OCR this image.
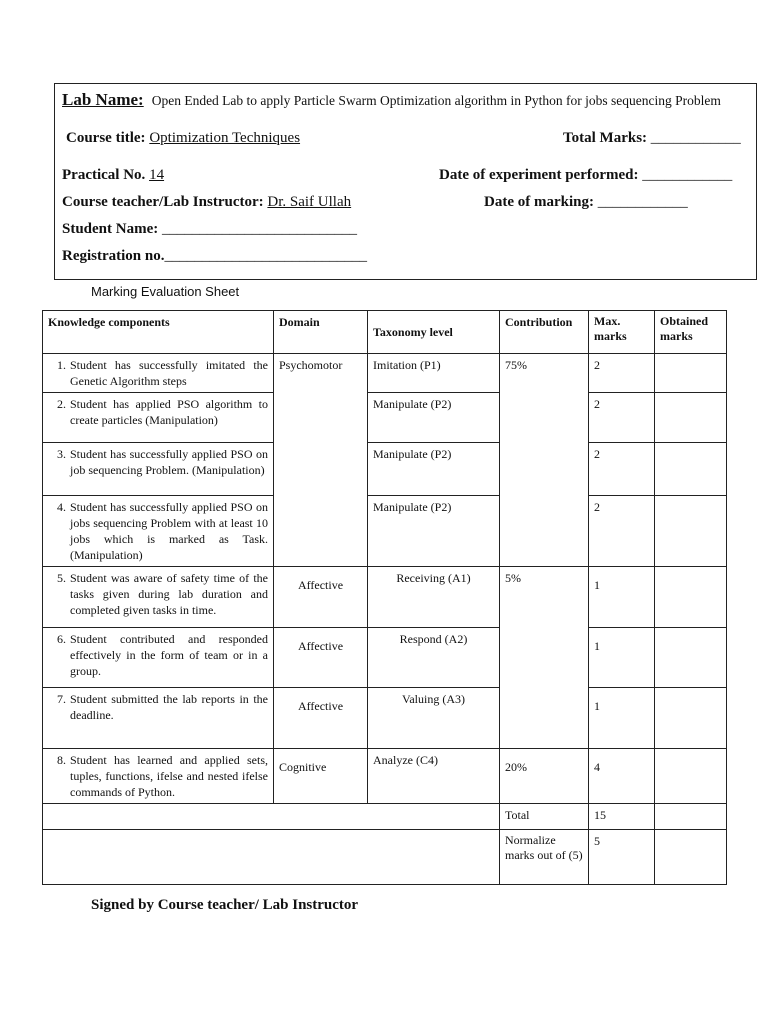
Lab Name: Open Ended Lab to apply Particle Swarm Optimization algorithm in Python for jobs sequencing Problem
Course title: Optimization Techniques	Total Marks: ____________
Practical No. 14	Date of experiment performed: ____________
Course teacher/Lab Instructor: Dr. Saif Ullah	Date of marking: ____________
Student Name: __________________________
Registration no.___________________________
Marking Evaluation Sheet
Knowledge components	Domain	Taxonomy level	Contribution	Max. marks	Obtained marks

1. Student has successfully imitated the Genetic Algorithm steps	Psychomotor	Imitation (P1)	75%	2	

2. Student has applied PSO algorithm to create particles (Manipulation)		Manipulate (P2)		2	

3. Student has successfully applied PSO on job sequencing Problem. (Manipulation)		Manipulate (P2)		2	

4. Student has successfully applied PSO on jobs sequencing Problem with at least 10 jobs which is marked as Task. (Manipulation)		Manipulate (P2)		2	

5. Student was aware of safety time of the tasks given during lab duration and completed given tasks in time.	Affective	Receiving (A1)	5%	1	

6. Student contributed and responded effectively in the form of team or in a group.	Affective	Respond (A2)		1	

7. Student submitted the lab reports in the deadline.	Affective	Valuing (A3)		1	

8. Student has learned and applied sets, tuples, functions, ifelse and nested ifelse commands of Python.	Cognitive	Analyze (C4)	20%	4	
			Total	15	
			Normalize marks out of (5)	5	
Signed by Course teacher/ Lab Instructor
